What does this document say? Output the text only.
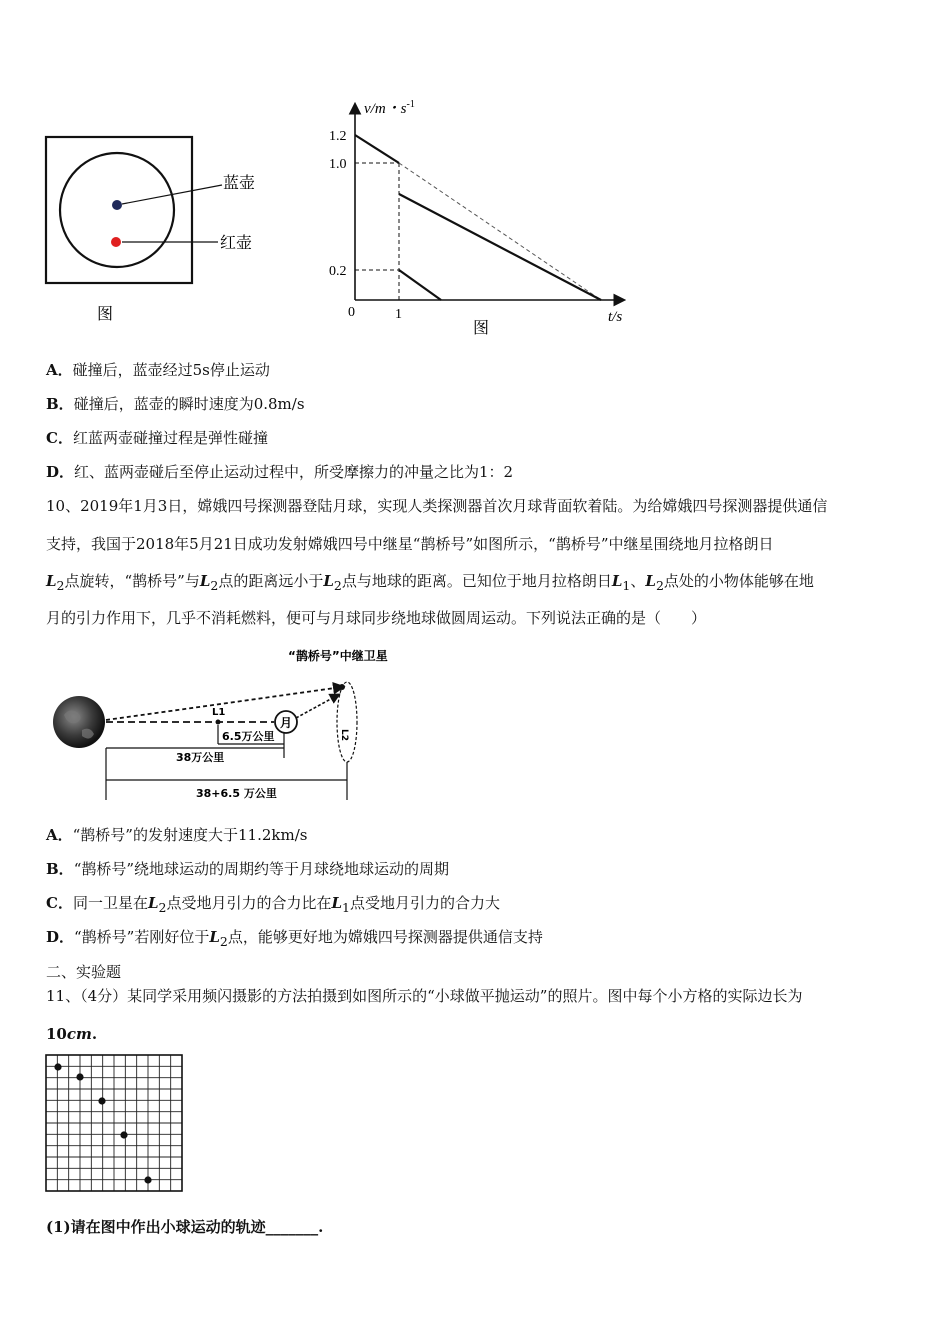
蓝壶
红壶
图
v/m・$s^{-1}$
1.2
1.0
0.2
0	1	t/s
图
A．碰撞后，蓝壶经过5s停止运动
B．碰撞后，蓝壶的瞬时速度为0.8m/s
C．红蓝两壶碰撞过程是弹性碰撞
D．红、蓝两壶碰后至停止运动过程中，所受摩擦力的冲量之比为1：2
10、2019年1月3日，嫦娥四号探测器登陆月球，实现人类探测器首次月球背面软着陆。为给嫦娥四号探测器提供通信
支持，我国于2018年5月21日成功发射嫦娥四号中继星“鹊桥号”如图所示，“鹊桥号”中继星围绕地月拉格朗日
$L_2$点旋转，“鹊桥号”与$L_2$点的距离远小于$L_2$点与地球的距离。已知位于地月拉格朗日$L_1$、$L_2$点处的小物体能够在地
月的引力作用下，几乎不消耗燃料，便可与月球同步绕地球做圆周运动。下列说法正确的是（　　）
月
L1
L2
“鹊桥号”中继卫星
6.5万公里
38万公里
38+6.5 万公里
A．“鹊桥号”的发射速度大于11.2km/s
B．“鹊桥号”绕地球运动的周期约等于月球绕地球运动的周期
C．同一卫星在$L_2$点受地月引力的合力比在$L_1$点受地月引力的合力大
D．“鹊桥号”若刚好位于$L_2$点，能够更好地为嫦娥四号探测器提供通信支持
二、实验题
11、（4分）某同学采用频闪摄影的方法拍摄到如图所示的“小球做平抛运动”的照片。图中每个小方格的实际边长为
10cm.
(1)请在图中作出小球运动的轨迹_______.
